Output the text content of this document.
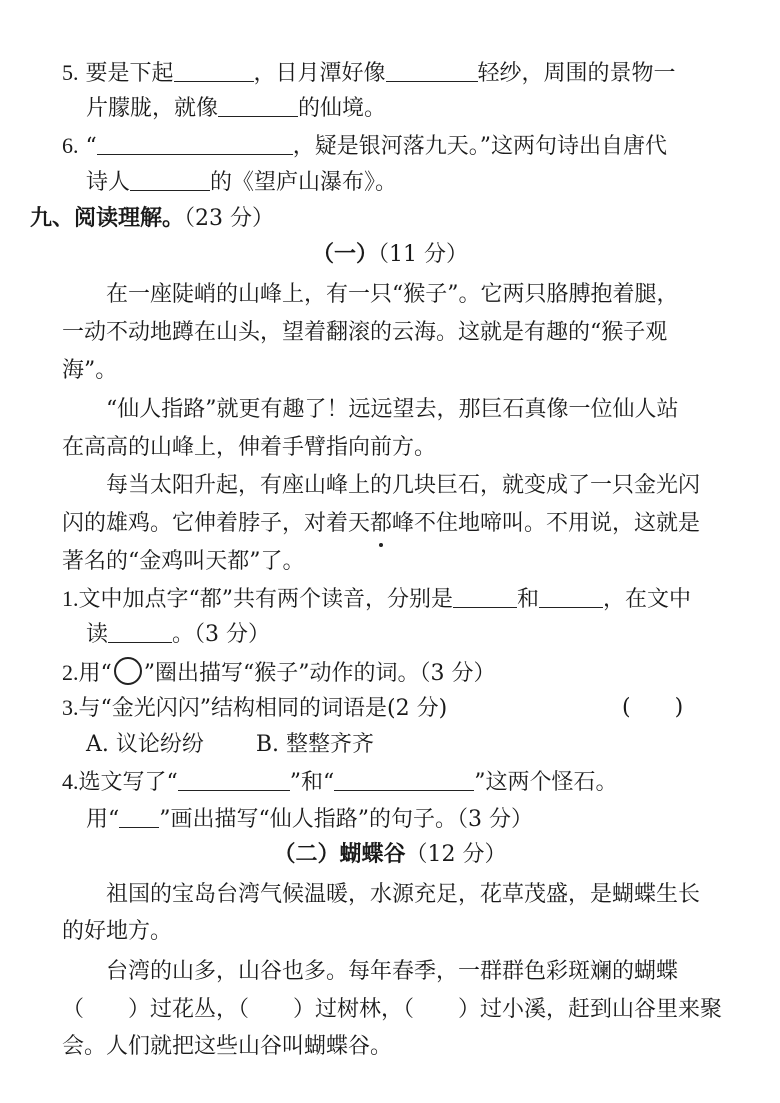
5. 要是下起	，日月潭好像	轻纱，周围的景物一
片朦胧，就像	的仙境。
6. “	，疑是银河落九天。”这两句诗出自唐代
诗人	的《望庐山瀑布》。
九、阅读理解。（23 分）
（一）（11 分）
在一座陡峭的山峰上，有一只“猴子”。它两只胳膊抱着腿，
一动不动地蹲在山头，望着翻滚的云海。这就是有趣的“猴子观
海”。
“仙人指路”就更有趣了！远远望去，那巨石真像一位仙人站
在高高的山峰上，伸着手臂指向前方。
每当太阳升起，有座山峰上的几块巨石，就变成了一只金光闪
闪的雄鸡。它伸着脖子，对着天都峰不住地啼叫。不用说，这就是
著名的“金鸡叫天都”了。
1.文中加点字“都”共有两个读音，分别是	和	，在文中
读	。（3 分）
2.用“ ”圈出描写“猴子”动作的词。（3 分）
3.与“金光闪闪”结构相同的词语是(2 分)	(　　)
A. 议论纷纷 B. 整整齐齐
4.选文写了“	”和“	”这两个怪石。
用“ ”画出描写“仙人指路”的句子。（3 分）
（二）蝴蝶谷（12 分）
祖国的宝岛台湾气候温暖，水源充足，花草茂盛，是蝴蝶生长
的好地方。
台湾的山多，山谷也多。每年春季，一群群色彩斑斓的蝴蝶
（　　）过花丛，（　　）过树林，（　　）过小溪，赶到山谷里来聚
会。人们就把这些山谷叫蝴蝶谷。
